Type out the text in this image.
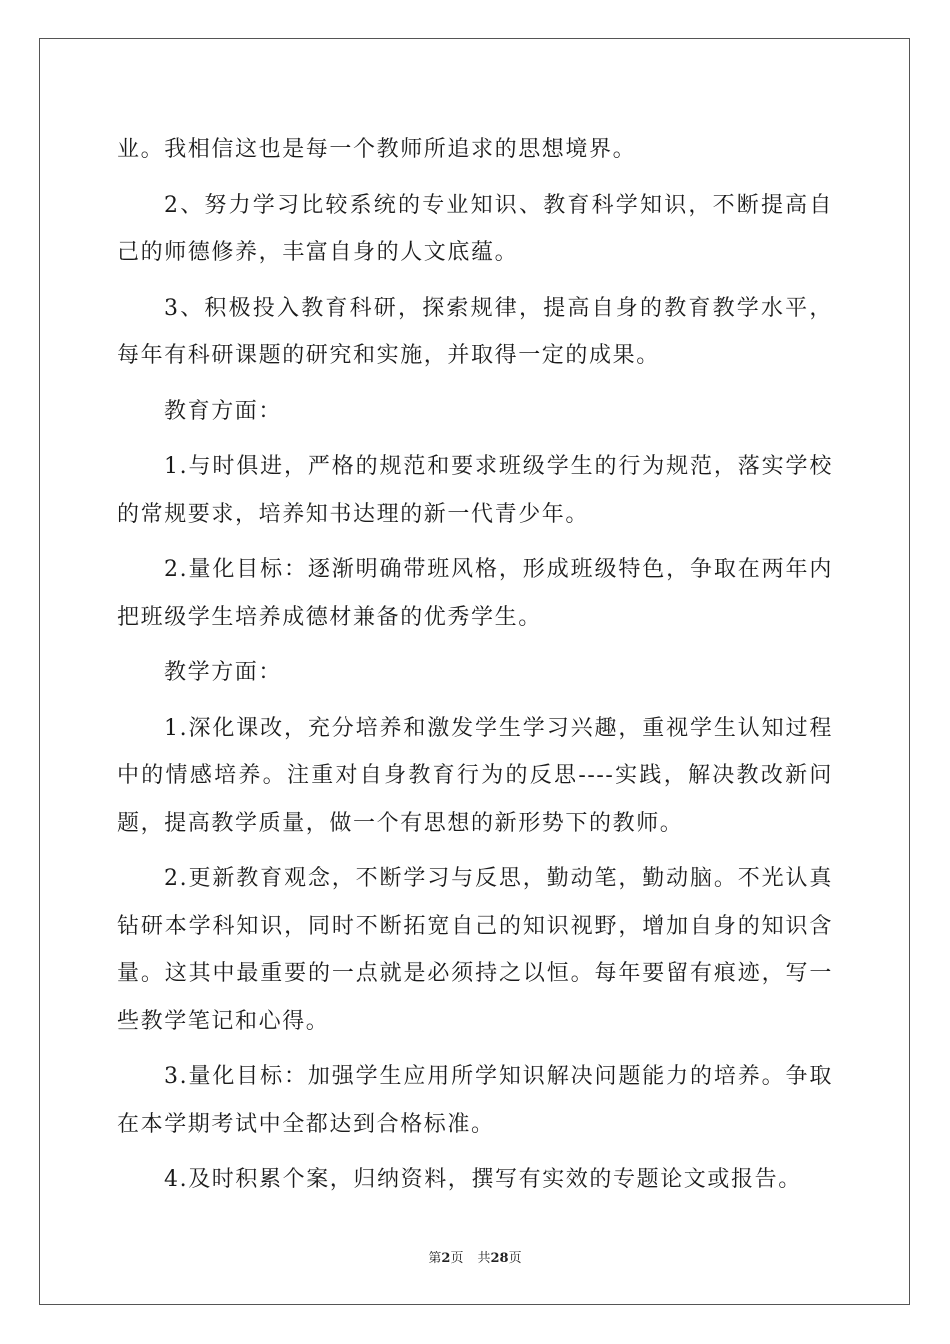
业。我相信这也是每一个教师所追求的思想境界。

2、努力学习比较系统的专业知识、教育科学知识，不断提高自己的师德修养，丰富自身的人文底蕴。

3、积极投入教育科研，探索规律，提高自身的教育教学水平，每年有科研课题的研究和实施，并取得一定的成果。

教育方面：

1.与时俱进，严格的规范和要求班级学生的行为规范，落实学校的常规要求，培养知书达理的新一代青少年。

2.量化目标：逐渐明确带班风格，形成班级特色，争取在两年内把班级学生培养成德材兼备的优秀学生。

教学方面：

1.深化课改，充分培养和激发学生学习兴趣，重视学生认知过程中的情感培养。注重对自身教育行为的反思----实践，解决教改新问题，提高教学质量，做一个有思想的新形势下的教师。

2.更新教育观念，不断学习与反思，勤动笔，勤动脑。不光认真钻研本学科知识，同时不断拓宽自己的知识视野，增加自身的知识含量。这其中最重要的一点就是必须持之以恒。每年要留有痕迹，写一些教学笔记和心得。

3.量化目标：加强学生应用所学知识解决问题能力的培养。争取在本学期考试中全都达到合格标准。

4.及时积累个案，归纳资料，撰写有实效的专题论文或报告。

第2页 共28页
